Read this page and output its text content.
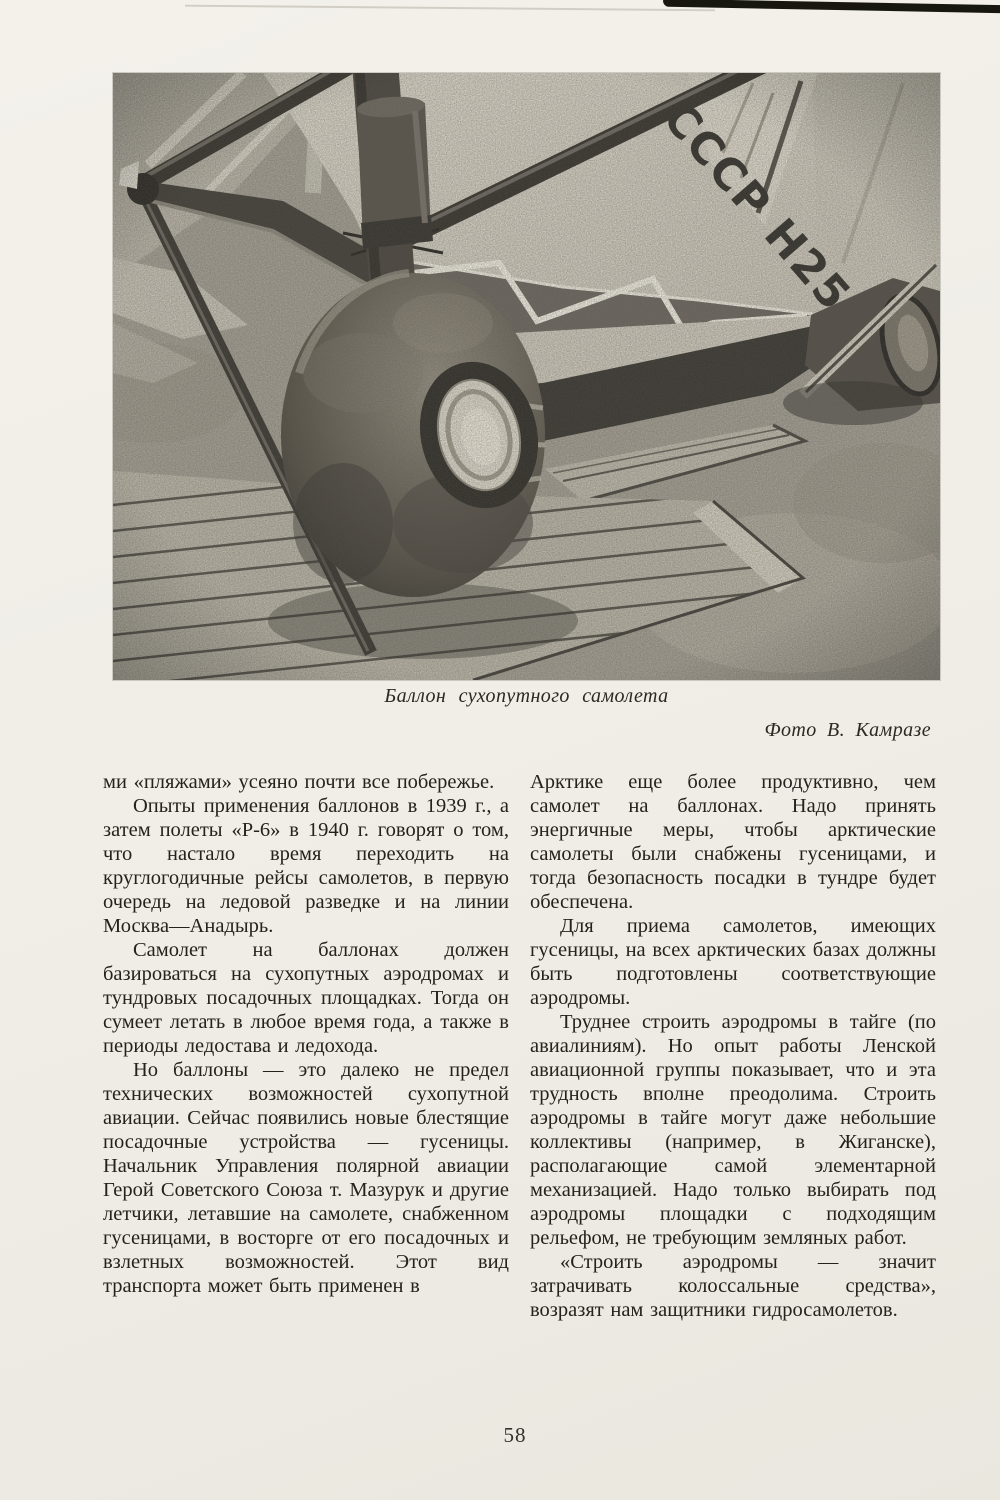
Баллон сухопутного самолета
Фото В. Камразе

ми «пляжами» усеяно почти все побережье.

Опыты применения баллонов в 1939 г., а затем полеты «Р-6» в 1940 г. говорят о том, что настало время переходить на круглогодичные рейсы самолетов, в первую очередь на ледовой разведке и на линии Москва—Анадырь.

Самолет на баллонах должен базироваться на сухопутных аэродромах и тундровых посадочных площадках. Тогда он сумеет летать в любое время года, а также в периоды ледостава и ледохода.

Но баллоны — это далеко не предел технических возможностей сухопутной авиации. Сейчас появились новые блестящие посадочные устройства — гусеницы. Начальник Управления полярной авиации Герой Советского Союза т. Мазурук и другие летчики, летавшие на самолете, снабженном гусеницами, в восторге от его посадочных и взлетных возможностей. Этот вид транспорта может быть применен в

Арктике еще более продуктивно, чем самолет на баллонах. Надо принять энергичные меры, чтобы арктические самолеты были снабжены гусеницами, и тогда безопасность посадки в тундре будет обеспечена.

Для приема самолетов, имеющих гусеницы, на всех арктических базах должны быть подготовлены соответствующие аэродромы.

Труднее строить аэродромы в тайге (по авиалиниям). Но опыт работы Ленской авиационной группы показывает, что и эта трудность вполне преодолима. Строить аэродромы в тайге могут даже небольшие коллективы (например, в Жиганске), располагающие самой элементарной механизацией. Надо только выбирать под аэродромы площадки с подходящим рельефом, не требующим земляных работ.

«Строить аэродромы — значит затрачивать колоссальные средства», возразят нам защитники гидросамолетов.

58
